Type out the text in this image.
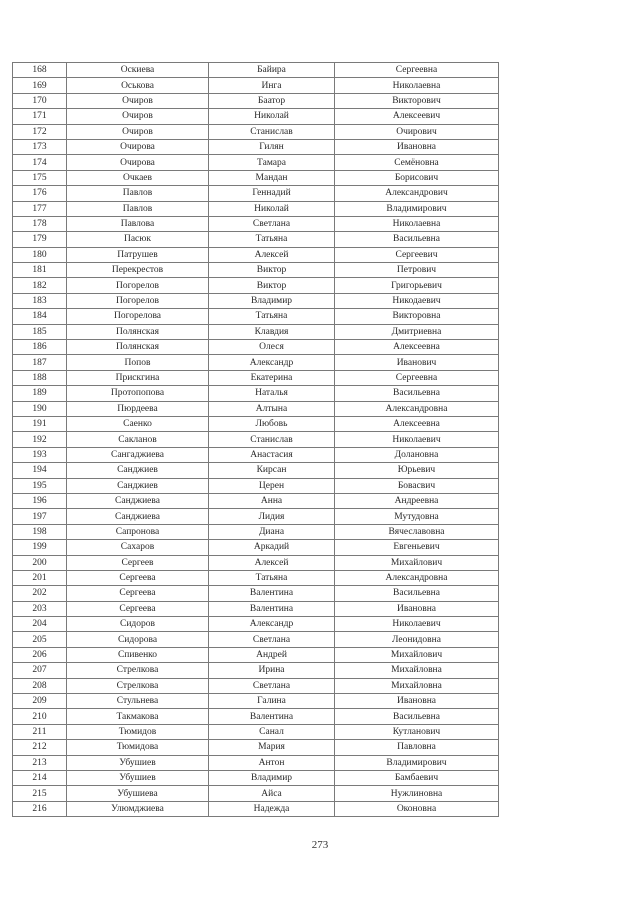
168	Оскиева	Байира	Сергеевна
169	Оськова	Инга	Николаевна
170	Очиров	Баатор	Викторович
171	Очиров	Николай	Алексеевич
172	Очиров	Станислав	Очирович
173	Очирова	Гилян	Ивановна
174	Очирова	Тамара	Семёновна
175	Очкаев	Мандан	Борисович
176	Павлов	Геннадий	Александрович
177	Павлов	Николай	Владимирович
178	Павлова	Светлана	Николаевна
179	Пасюк	Татьяна	Васильевна
180	Патрушев	Алексей	Сергеевич
181	Перекрестов	Виктор	Петрович
182	Погорелов	Виктор	Григорьевич
183	Погорелов	Владимир	Никодаевич
184	Погорелова	Татьяна	Викторовна
185	Полянская	Клавдия	Дмитриевна
186	Полянская	Олеся	Алексеевна
187	Попов	Александр	Иванович
188	Прискгина	Екатерина	Сергеевна
189	Протопопова	Наталья	Васильевна
190	Пюрдеева	Алтына	Александровна
191	Саенко	Любовь	Алексеевна
192	Сакланов	Станислав	Николаевич
193	Сангаджиева	Анастасия	Долановна
194	Санджиев	Кирсан	Юрьевич
195	Санджиев	Церен	Бовасвич
196	Санджиева	Анна	Андреевна
197	Санджиева	Лидия	Мутудовна
198	Сапронова	Диана	Вячеславовна
199	Сахаров	Аркадий	Евгеньевич
200	Сергеев	Алексей	Михайлович
201	Сергеева	Татьяна	Александровна
202	Сергеева	Валентина	Васильевна
203	Сергеева	Валентина	Ивановна
204	Сидоров	Александр	Николаевич
205	Сидорова	Светлана	Леонидовна
206	Спивенко	Андрей	Михайлович
207	Стрелкова	Ирина	Михайловна
208	Стрелкова	Светлана	Михайловна
209	Стульнева	Галина	Ивановна
210	Такмакова	Валентина	Васильевна
211	Тюмидов	Санал	Кутланович
212	Тюмидова	Мария	Павловна
213	Убушиев	Антон	Владимирович
214	Убушиев	Владимир	Бамбаевич
215	Убушиева	Айса	Нужлиновна
216	Улюмджиева	Надежда	Оконовна
273
